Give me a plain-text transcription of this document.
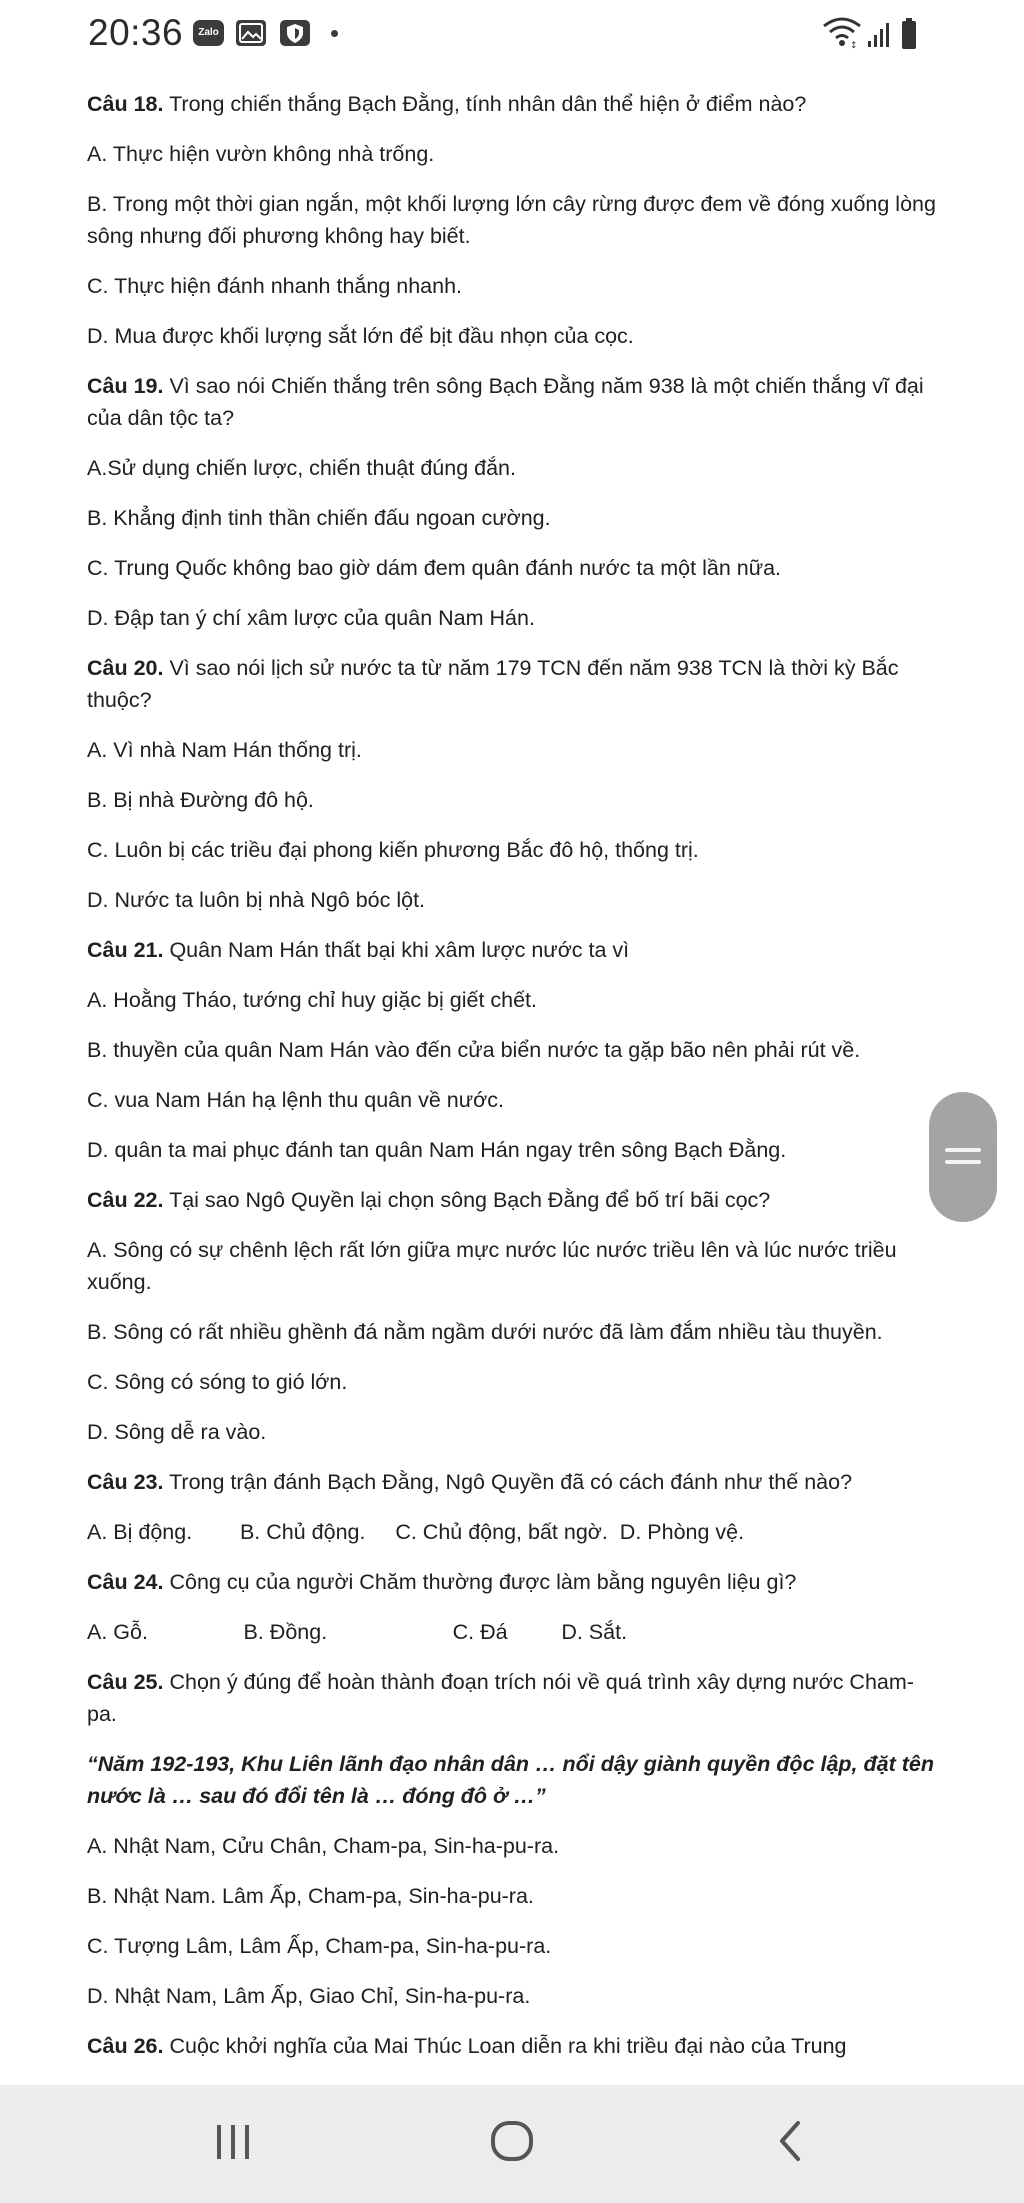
20:36	Zalo
↕

Câu 18. Trong chiến thắng Bạch Đằng, tính nhân dân thể hiện ở điểm nào?

A. Thực hiện vườn không nhà trống.

B. Trong một thời gian ngắn, một khối lượng lớn cây rừng được đem về đóng xuống lòng sông nhưng đối phương không hay biết.

C. Thực hiện đánh nhanh thắng nhanh.

D. Mua được khối lượng sắt lớn để bịt đầu nhọn của cọc.

Câu 19. Vì sao nói Chiến thắng trên sông Bạch Đằng năm 938 là một chiến thắng vĩ đại của dân tộc ta?

A.Sử dụng chiến lược, chiến thuật đúng đắn.

B. Khẳng định tinh thần chiến đấu ngoan cường.

C. Trung Quốc không bao giờ dám đem quân đánh nước ta một lần nữa.

D. Đập tan ý chí xâm lược của quân Nam Hán.

Câu 20. Vì sao nói lịch sử nước ta từ năm 179 TCN đến năm 938 TCN là thời kỳ Bắc thuộc?

A. Vì nhà Nam Hán thống trị.

B. Bị nhà Đường đô hộ.

C. Luôn bị các triều đại phong kiến phương Bắc đô hộ, thống trị.

D. Nước ta luôn bị nhà Ngô bóc lột.

Câu 21. Quân Nam Hán thất bại khi xâm lược nước ta vì

A. Hoằng Tháo, tướng chỉ huy giặc bị giết chết.

B. thuyền của quân Nam Hán vào đến cửa biển nước ta gặp bão nên phải rút về.

C. vua Nam Hán hạ lệnh thu quân về nước.

D. quân ta mai phục đánh tan quân Nam Hán ngay trên sông Bạch Đằng.

Câu 22. Tại sao Ngô Quyền lại chọn sông Bạch Đằng để bố trí bãi cọc?

A. Sông có sự chênh lệch rất lớn giữa mực nước lúc nước triều lên và lúc nước triều xuống.

B. Sông có rất nhiều ghềnh đá nằm ngầm dưới nước đã làm đắm nhiều tàu thuyền.

C. Sông có sóng to gió lớn.

D. Sông dễ ra vào.

Câu 23. Trong trận đánh Bạch Đằng, Ngô Quyền đã có cách đánh như thế nào?

A. Bị động.        B. Chủ động.     C. Chủ động, bất ngờ.  D. Phòng vệ.

Câu 24. Công cụ của người Chăm thường được làm bằng nguyên liệu gì?

A. Gỗ.                B. Đồng.                     C. Đá         D. Sắt.

Câu 25. Chọn ý đúng để hoàn thành đoạn trích nói về quá trình xây dựng nước Cham-pa.

“Năm 192-193, Khu Liên lãnh đạo nhân dân … nổi dậy giành quyền độc lập, đặt tên nước là … sau đó đổi tên là … đóng đô ở …”

A. Nhật Nam, Cửu Chân, Cham-pa, Sin-ha-pu-ra.

B. Nhật Nam. Lâm Ấp, Cham-pa, Sin-ha-pu-ra.

C. Tượng Lâm, Lâm Ấp, Cham-pa, Sin-ha-pu-ra.

D. Nhật Nam, Lâm Ấp, Giao Chỉ, Sin-ha-pu-ra.

Câu 26. Cuộc khởi nghĩa của Mai Thúc Loan diễn ra khi triều đại nào của Trung
